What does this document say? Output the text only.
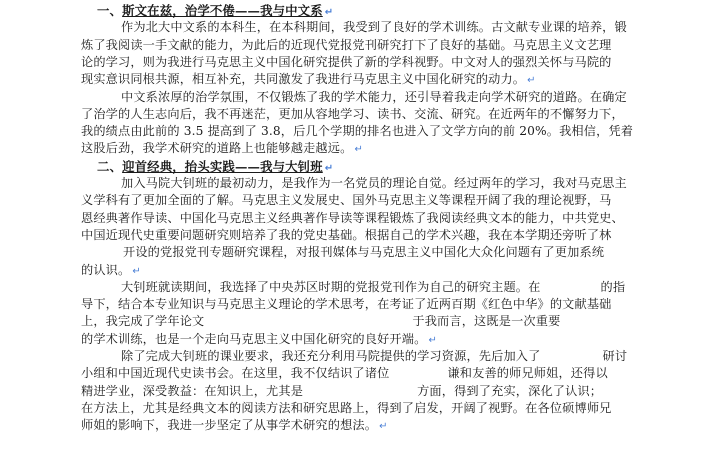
一、斯文在兹，治学不倦——我与中文系 ↵
作为北大中文系的本科生，在本科期间，我受到了良好的学术训练。古文献专业课的培养，锻
炼了我阅读一手文献的能力，为此后的近现代党报党刊研究打下了良好的基础。马克思主义文艺理
论的学习，则为我进行马克思主义中国化研究提供了新的学科视野。中文对人的强烈关怀与马院的
现实意识同根共源，相互补充，共同激发了我进行马克思主义中国化研究的动力。 ↵
中文系浓厚的治学氛围，不仅锻炼了我的学术能力，还引导着我走向学术研究的道路。在确定
了治学的人生志向后，我不再迷茫，更加从容地学习、读书、交流、研究。在近两年的不懈努力下，
我的绩点由此前的 3.5 提高到了 3.8，后几个学期的排名也进入了文学方向的前 20%。我相信，凭着
这股后劲，我学术研究的道路上也能够越走越远。 ↵
二、迎首经典，抬头实践——我与大钊班 ↵
加入马院大钊班的最初动力，是我作为一名党员的理论自觉。经过两年的学习，我对马克思主
义学科有了更加全面的了解。马克思主义发展史、国外马克思主义等课程开阔了我的理论视野，马
恩经典著作导读、中国化马克思主义经典著作导读等课程锻炼了我阅读经典文本的能力，中共党史、
中国近现代史重要问题研究则培养了我的党史基础。根据自己的学术兴趣，我在本学期还旁听了林
开设的党报党刊专题研究课程，对报刊媒体与马克思主义中国化大众化问题有了更加系统
的认识。 ↵
大钊班就读期间，我选择了中央苏区时期的党报党刊作为自己的研究主题。在	的指
导下，结合本专业知识与马克思主义理论的学术思考，在考证了近两百期《红色中华》的文献基础
上，我完成了学年论文	于我而言，这既是一次重要
的学术训练，也是一个走向马克思主义中国化研究的良好开端。 ↵
除了完成大钊班的课业要求，我还充分利用马院提供的学习资源，先后加入了	研讨
小组和中国近现代史读书会。在这里，我不仅结识了诸位	谦和友善的师兄师姐，还得以
精进学业，深受教益：在知识上，尤其是	方面，得到了充实，深化了认识；
在方法上，尤其是经典文本的阅读方法和研究思路上，得到了启发，开阔了视野。在各位硕博师兄
师姐的影响下，我进一步坚定了从事学术研究的想法。 ↵
